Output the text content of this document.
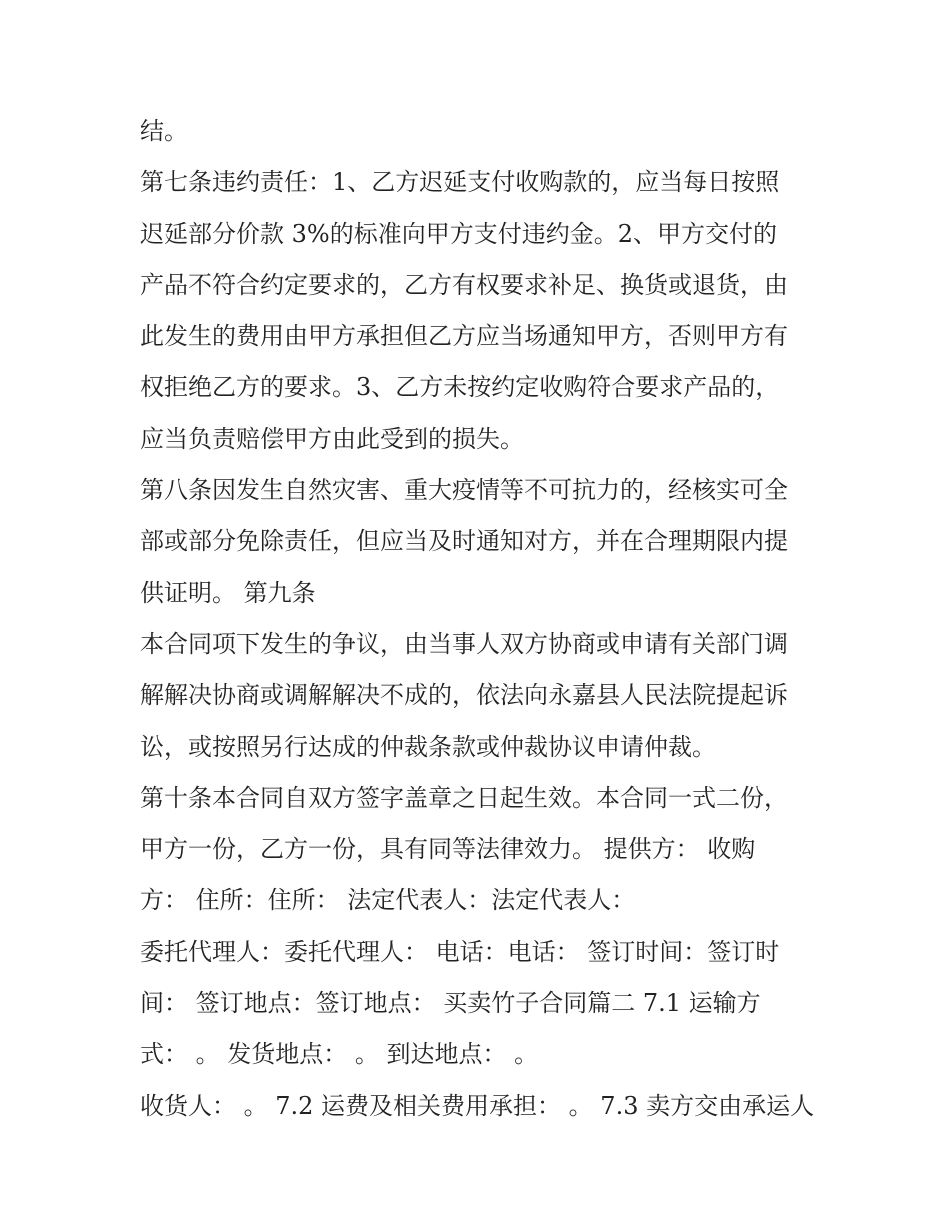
结。
第七条违约责任：1、乙方迟延支付收购款的，应当每日按照
迟延部分价款 3%的标准向甲方支付违约金。2、甲方交付的
产品不符合约定要求的，乙方有权要求补足、换货或退货，由
此发生的费用由甲方承担但乙方应当场通知甲方，否则甲方有
权拒绝乙方的要求。3、乙方未按约定收购符合要求产品的，
应当负责赔偿甲方由此受到的损失。
第八条因发生自然灾害、重大疫情等不可抗力的，经核实可全
部或部分免除责任，但应当及时通知对方，并在合理期限内提
供证明。 第九条
本合同项下发生的争议，由当事人双方协商或申请有关部门调
解解决协商或调解解决不成的，依法向永嘉县人民法院提起诉
讼，或按照另行达成的仲裁条款或仲裁协议申请仲裁。
第十条本合同自双方签字盖章之日起生效。本合同一式二份，
甲方一份，乙方一份，具有同等法律效力。 提供方： 收购
方： 住所：住所： 法定代表人：法定代表人：
委托代理人：委托代理人： 电话：电话： 签订时间：签订时
间： 签订地点：签订地点： 买卖竹子合同篇二 7.1 运输方
式： 。 发货地点： 。 到达地点： 。
收货人： 。 7.2 运费及相关费用承担： 。 7.3 卖方交由承运人
